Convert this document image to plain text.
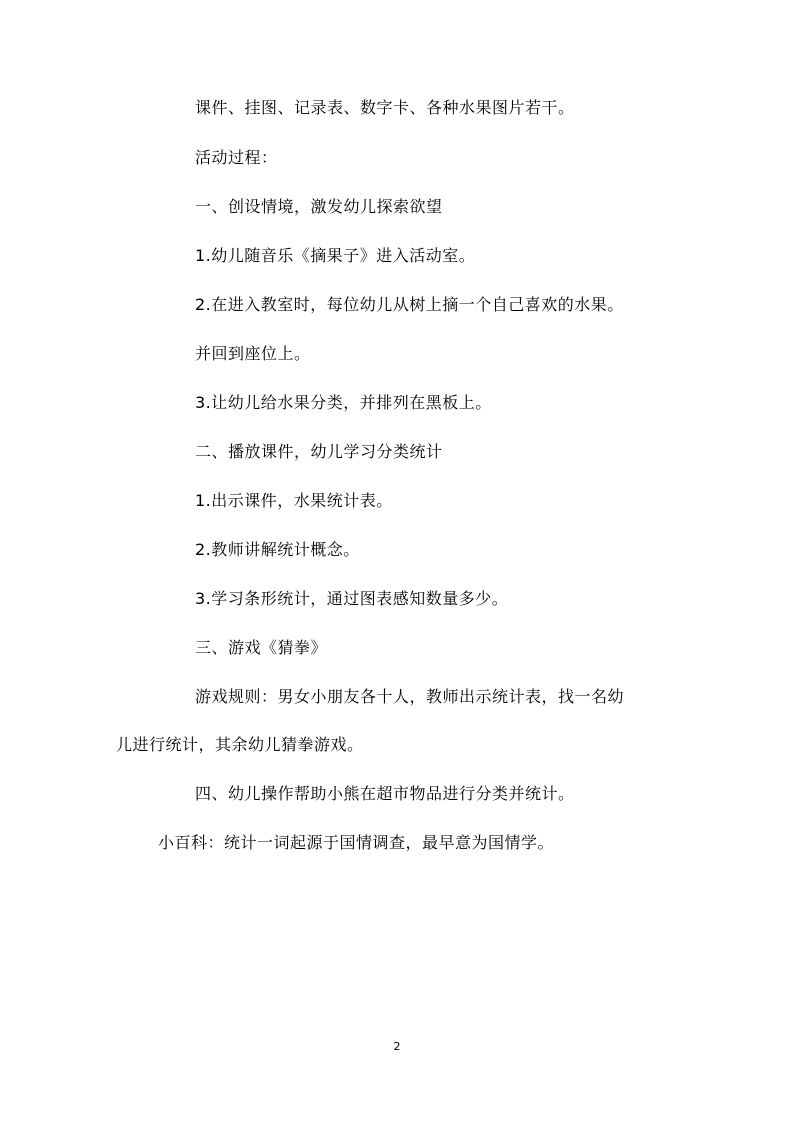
课件、挂图、记录表、数字卡、各种水果图片若干。
活动过程：
一、创设情境，激发幼儿探索欲望
1.幼儿随音乐《摘果子》进入活动室。
2.在进入教室时，每位幼儿从树上摘一个自己喜欢的水果。
并回到座位上。
3.让幼儿给水果分类，并排列在黑板上。
二、播放课件，幼儿学习分类统计
1.出示课件，水果统计表。
2.教师讲解统计概念。
3.学习条形统计，通过图表感知数量多少。
三、游戏《猜拳》
游戏规则：男女小朋友各十人，教师出示统计表，找一名幼
儿进行统计，其余幼儿猜拳游戏。
四、幼儿操作帮助小熊在超市物品进行分类并统计。
小百科：统计一词起源于国情调查，最早意为国情学。
2
